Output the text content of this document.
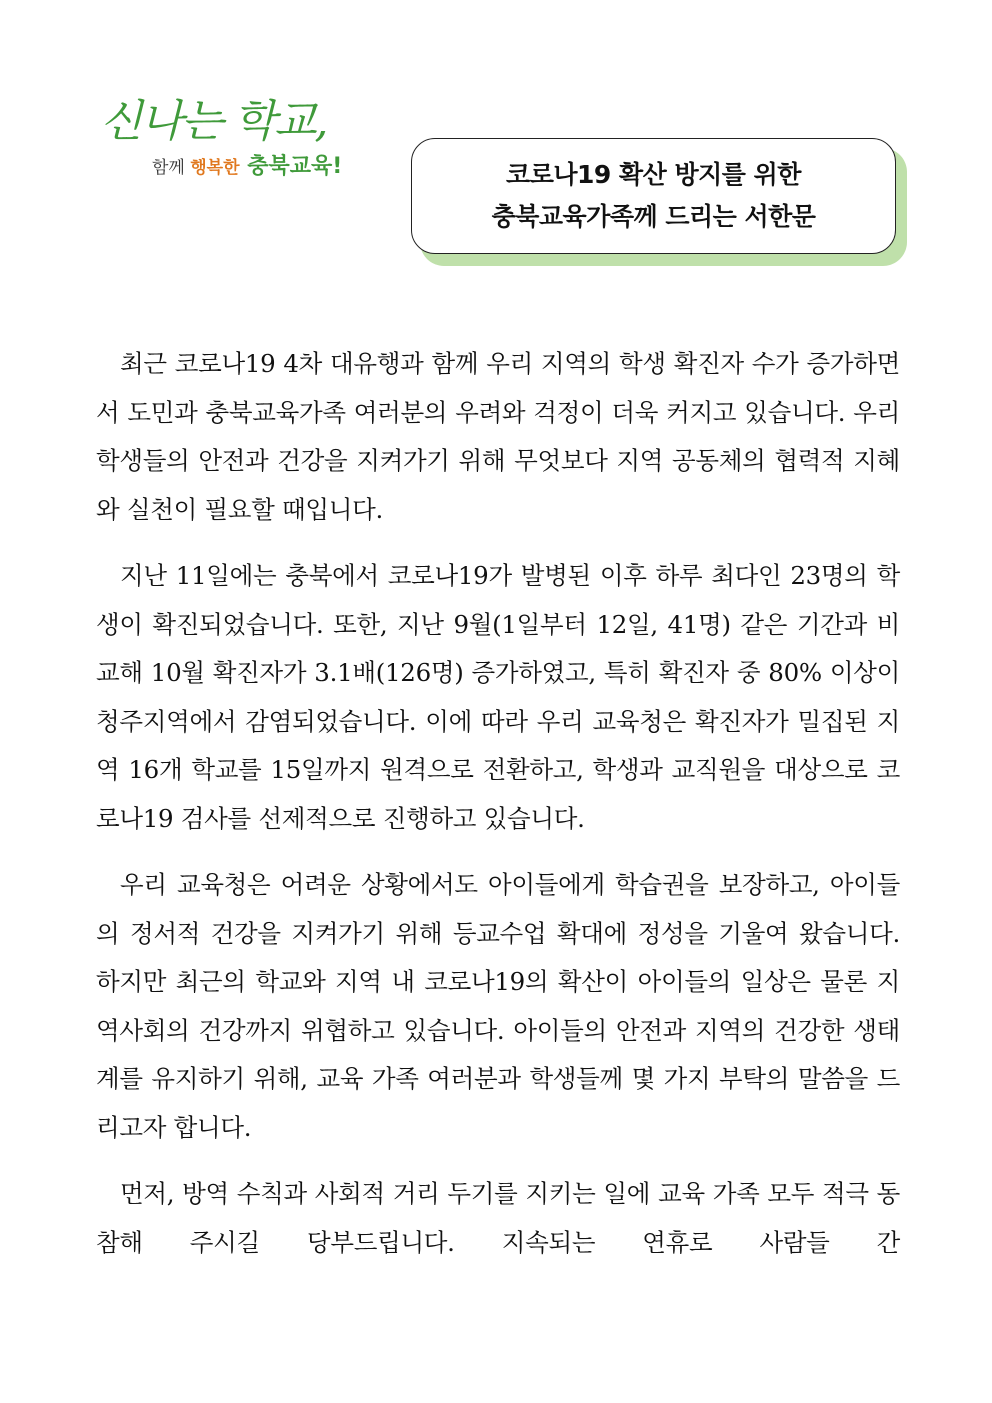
신나는 학교,
함께 행복한 충북교육!	코로나19 확산 방지를 위한
충북교육가족께 드리는 서한문

최근 코로나19 4차 대유행과 함께 우리 지역의 학생 확진자 수가 증가하면서 도민과 충북교육가족 여러분의 우려와 걱정이 더욱 커지고 있습니다. 우리 학생들의 안전과 건강을 지켜가기 위해 무엇보다 지역 공동체의 협력적 지혜와 실천이 필요할 때입니다.

지난 11일에는 충북에서 코로나19가 발병된 이후 하루 최다인 23명의 학생이 확진되었습니다. 또한, 지난 9월(1일부터 12일, 41명) 같은 기간과 비교해 10월 확진자가 3.1배(126명) 증가하였고, 특히 확진자 중 80% 이상이 청주지역에서 감염되었습니다. 이에 따라 우리 교육청은 확진자가 밀집된 지역 16개 학교를 15일까지 원격으로 전환하고, 학생과 교직원을 대상으로 코로나19 검사를 선제적으로 진행하고 있습니다.

우리 교육청은 어려운 상황에서도 아이들에게 학습권을 보장하고, 아이들의 정서적 건강을 지켜가기 위해 등교수업 확대에 정성을 기울여 왔습니다. 하지만 최근의 학교와 지역 내 코로나19의 확산이 아이들의 일상은 물론 지역사회의 건강까지 위협하고 있습니다. 아이들의 안전과 지역의 건강한 생태계를 유지하기 위해, 교육 가족 여러분과 학생들께 몇 가지 부탁의 말씀을 드리고자 합니다.

먼저, 방역 수칙과 사회적 거리 두기를 지키는 일에 교육 가족 모두 적극 동참해 주시길 당부드립니다. 지속되는 연휴로 사람들 간
